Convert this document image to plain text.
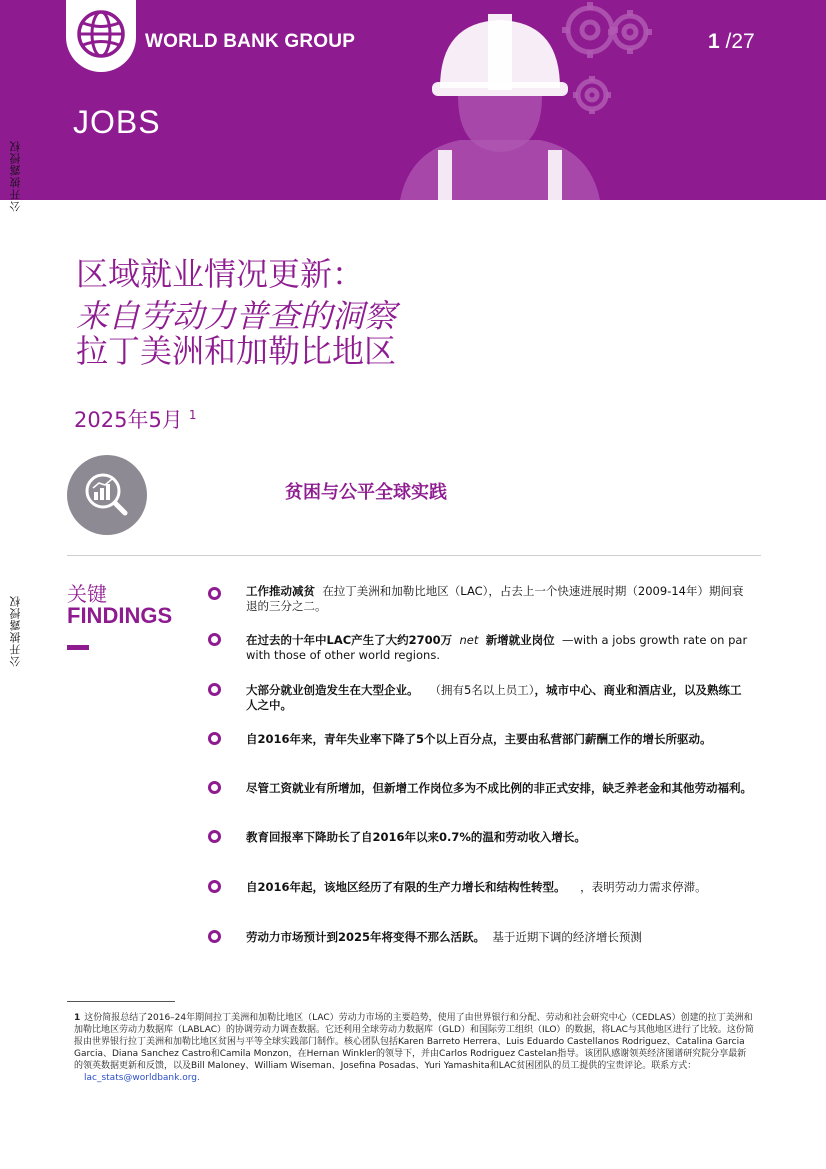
WORLD BANK GROUP
JOBS
1 /27
公开披露授权
公开披露授权
区域就业情况更新：
来自劳动力普查的洞察
拉丁美洲和加勒比地区
2025年5月 $^1$
贫困与公平全球实践
关键
FINDINGS
工作推动减贫 在拉丁美洲和加勒比地区（LAC），占去上一个快速进展时期（2009-14年）期间衰退的三分之二。
在过去的十年中LAC产生了大约2700万 net 新增就业岗位 —with a jobs growth rate on par with those of other world regions.
大部分就业创造发生在大型企业。 （拥有5名以上员工），城市中心、商业和酒店业，以及熟练工人之中。
自2016年来，青年失业率下降了5个以上百分点，主要由私营部门薪酬工作的增长所驱动。
尽管工资就业有所增加，但新增工作岗位多为不成比例的非正式安排，缺乏养老金和其他劳动福利。
教育回报率下降助长了自2016年以来0.7%的温和劳动收入增长。
自2016年起，该地区经历了有限的生产力增长和结构性转型。 ，表明劳动力需求停滞。
劳动力市场预计到2025年将变得不那么活跃。 基于近期下调的经济增长预测
1 这份简报总结了2016–24年期间拉丁美洲和加勒比地区（LAC）劳动力市场的主要趋势，使用了由世界银行和分配、劳动和社会研究中心（CEDLAS）创建的拉丁美洲和加勒比地区劳动力数据库（LABLAC）的协调劳动力调查数据。它还利用全球劳动力数据库（GLD）和国际劳工组织（ILO）的数据，将LAC与其他地区进行了比较。这份简报由世界银行拉丁美洲和加勒比地区贫困与平等全球实践部门制作。核心团队包括Karen Barreto Herrera、Luis Eduardo Castellanos Rodriguez、Catalina Garcia Garcia、Diana Sanchez Castro和Camila Monzon，在Hernan Winkler的领导下，并由Carlos Rodriguez Castelan指导。该团队感谢领英经济图谱研究院分享最新的领英数据更新和反馈，以及Bill Maloney、William Wiseman、Josefina Posadas、Yuri Yamashita和LAC贫困团队的员工提供的宝贵评论。联系方式：lac_stats@worldbank.org.
